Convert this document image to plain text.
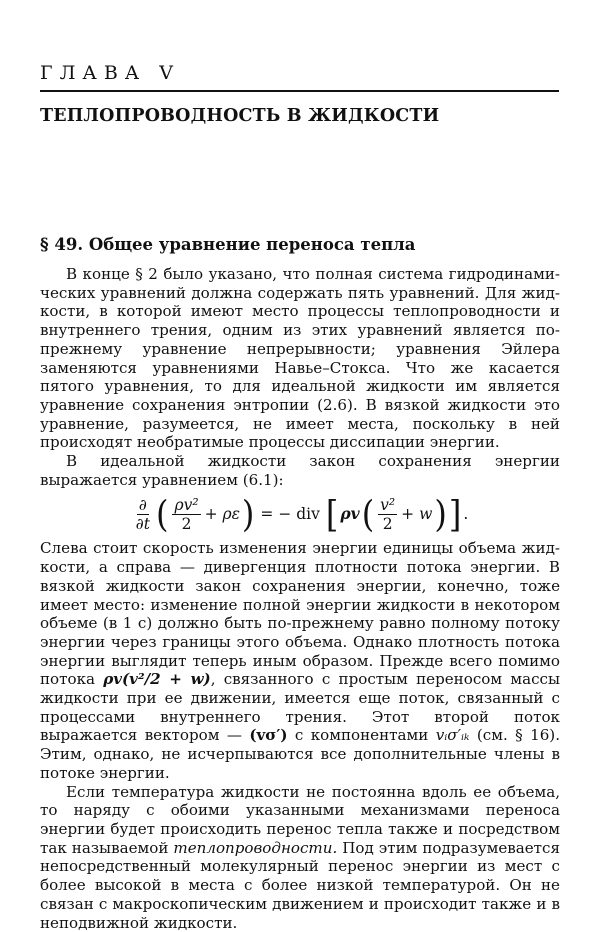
ГЛАВА V
ТЕПЛОПРОВОДНОСТЬ В ЖИДКОСТИ
§ 49. Общее уравнение переноса тепла

В конце § 2 было указано, что полная система гидродинамических уравнений должна содержать пять уравнений. Для жидкости, в которой имеют место процессы теплопроводности и внутреннего трения, одним из этих уравнений является по-прежнему уравнение непрерывности; уравнения Эйлера заменяются уравнениями Навье–Стокса. Что же касается пятого уравнения, то для идеальной жидкости им является уравнение сохранения энтропии (2.6). В вязкой жидкости это уравнение, разумеется, не имеет места, поскольку в ней происходят необратимые процессы диссипации энергии.

В идеальной жидкости закон сохранения энергии выражается уравнением (6.1):

$\frac{\partial}{\partial t}$ ( $\frac{\text{ρv²}}{2} + \rho\varepsilon$ ) = − div [ ρv ( $\frac{\text{v²}}{2} + w$ ) ] .

Слева стоит скорость изменения энергии единицы объема жидкости, а справа — дивергенция плотности потока энергии. В вязкой жидкости закон сохранения энергии, конечно, тоже имеет место: изменение полной энергии жидкости в некотором объеме (в 1 с) должно быть по-прежнему равно полному потоку энергии через границы этого объема. Однако плотность потока энергии выглядит теперь иным образом. Прежде всего помимо потока ρv(v²/2 + w), связанного с простым переносом массы жидкости при ее движении, имеется еще поток, связанный с процессами внутреннего трения. Этот второй поток выражается вектором — (vσ′) с компонентами vᵢσ′ᵢₖ (см. § 16). Этим, однако, не исчерпываются все дополнительные члены в потоке энергии.

Если температура жидкости не постоянна вдоль ее объема, то наряду с обоими указанными механизмами переноса энергии будет происходить перенос тепла также и посредством так называемой теплопроводности. Под этим подразумевается непосредственный молекулярный перенос энергии из мест с более высокой в места с более низкой температурой. Он не связан с макроскопическим движением и происходит также и в неподвижной жидкости.
